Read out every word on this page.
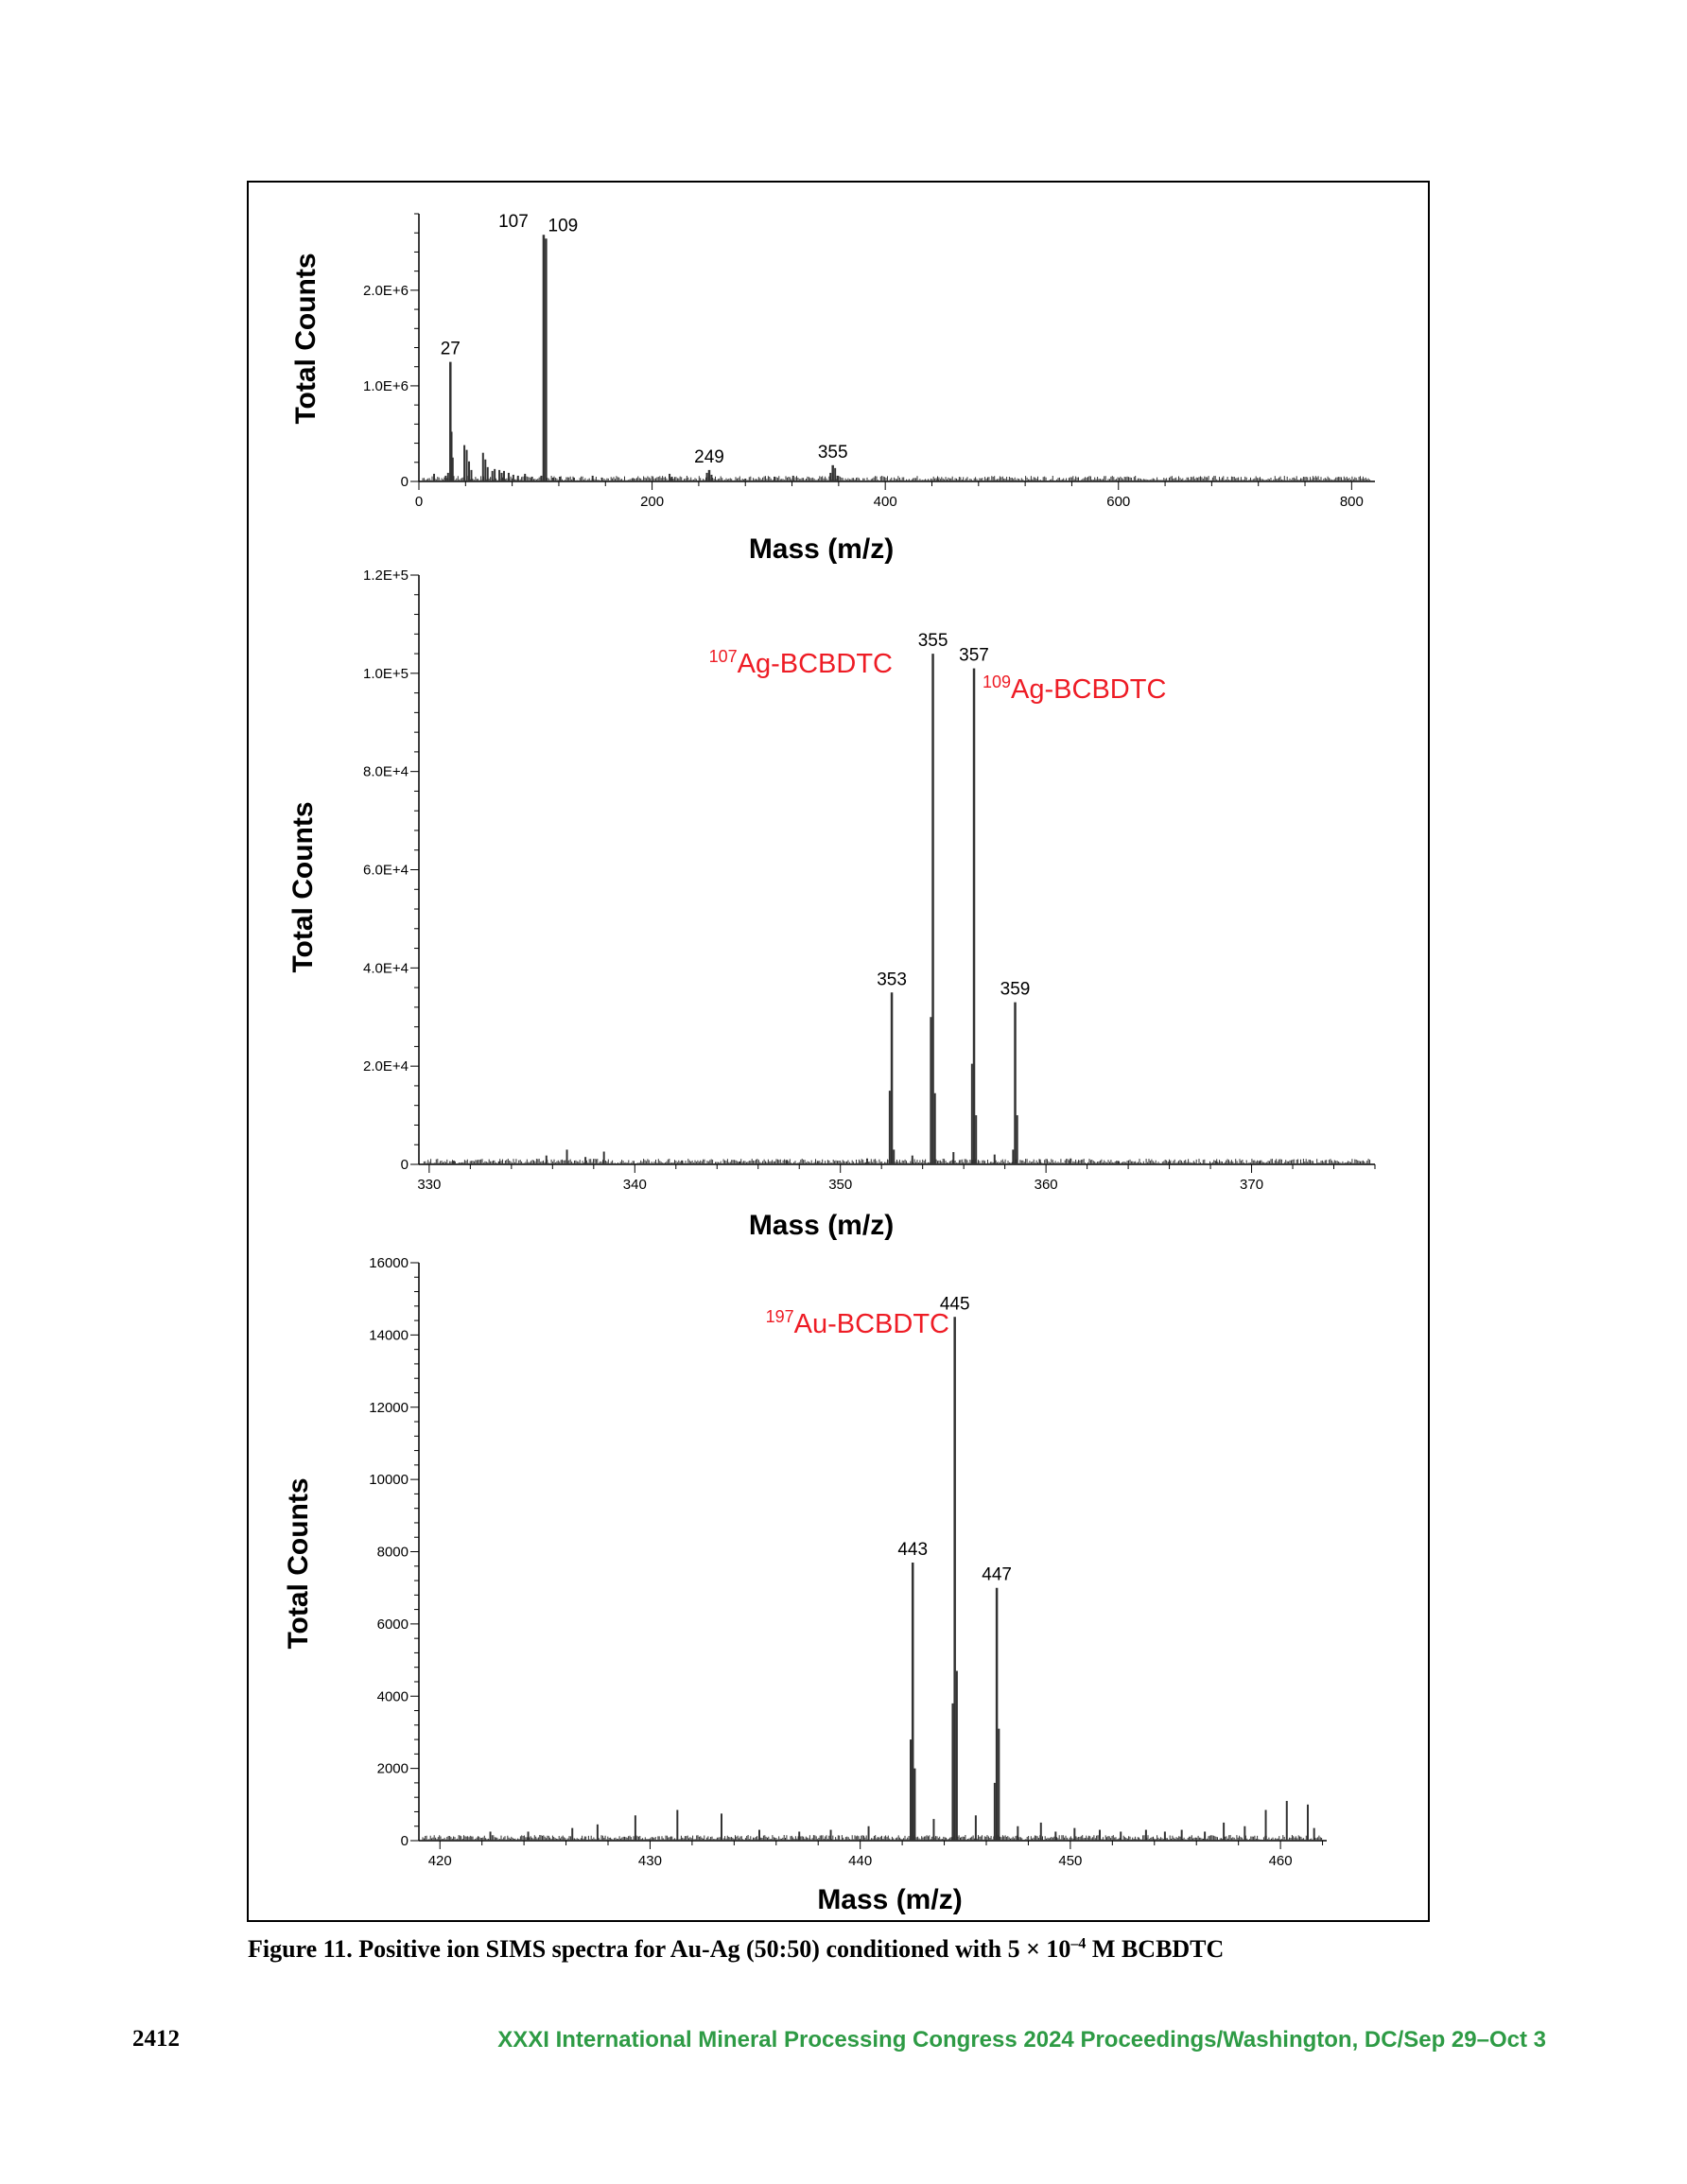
0
1.0E+6
2.0E+6
0	200	400	600	800
27
107 109
249	355
Mass (m/z)
Total Counts
0
2.0E+4
4.0E+4
6.0E+4
8.0E+4
1.0E+5
1.2E+5
330	340	350	360	370
353
355
357
359
$^{107}$Ag-BCBDTC
$^{109}$Ag-BCBDTC
Mass (m/z)
Total Counts
0
2000
4000
6000
8000
10000
12000
14000
16000
420	430	440	450	460
443
445
447
$^{197}$Au-BCBDTC
Mass (m/z)
Total Counts
Figure 11. Positive ion SIMS spectra for Au-Ag (50:50) conditioned with $5 \times 10^{-4}$ M BCBDTC
2412	XXXI International Mineral Processing Congress 2024 Proceedings/Washington, DC/Sep 29–Oct 3
